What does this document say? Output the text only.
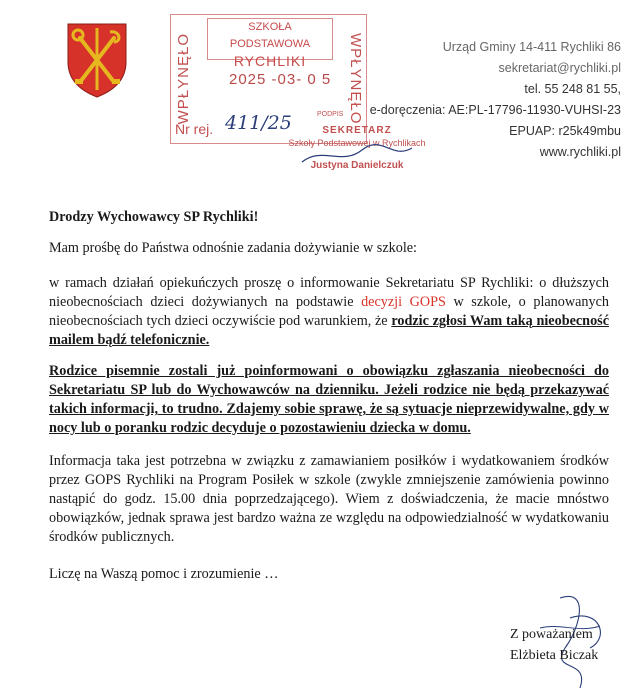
WPŁYNĘŁO	WPŁYNĘŁO
SZKOŁA PODSTAWOWA
RYCHLIKI
2025 -03- 0 5
Nr rej. 411/25	PODPIS
SEKRETARZ
Szkoły Podstawowej w Rychlikach
Justyna Danielczuk
Urząd Gminy 14-411 Rychliki 86
sekretariat@rychliki.pl
tel. 55 248 81 55,
e-doręczenia: AE:PL-17796-11930-VUHSI-23
EPUAP: r25k49mbu
www.rychliki.pl

Drodzy Wychowawcy SP Rychliki!

Mam prośbę do Państwa odnośnie zadania dożywianie w szkole:

w ramach działań opiekuńczych proszę o informowanie Sekretariatu SP Rychliki: o dłuższych nieobecnościach dzieci dożywianych na podstawie decyzji GOPS w szkole, o planowanych nieobecnościach tych dzieci oczywiście pod warunkiem, że rodzic zgłosi Wam taką nieobecność mailem bądź telefonicznie.

Rodzice pisemnie zostali już poinformowani o obowiązku zgłaszania nieobecności do Sekretariatu SP lub do Wychowawców na dzienniku. Jeżeli rodzice nie będą przekazywać takich informacji, to trudno. Zdajemy sobie sprawę, że są sytuacje nieprzewidywalne, gdy w nocy lub o poranku rodzic decyduje o pozostawieniu dziecka w domu.

Informacja taka jest potrzebna w związku z zamawianiem posiłków i wydatkowaniem środków przez GOPS Rychliki na Program Posiłek w szkole (zwykle zmniejszenie zamówienia powinno nastąpić do godz. 15.00 dnia poprzedzającego). Wiem z doświadczenia, że macie mnóstwo obowiązków, jednak sprawa jest bardzo ważna ze względu na odpowiedzialność w wydatkowaniu środków publicznych.

Liczę na Waszą pomoc i zrozumienie …

Z poważaniem
Elżbieta Biczak
